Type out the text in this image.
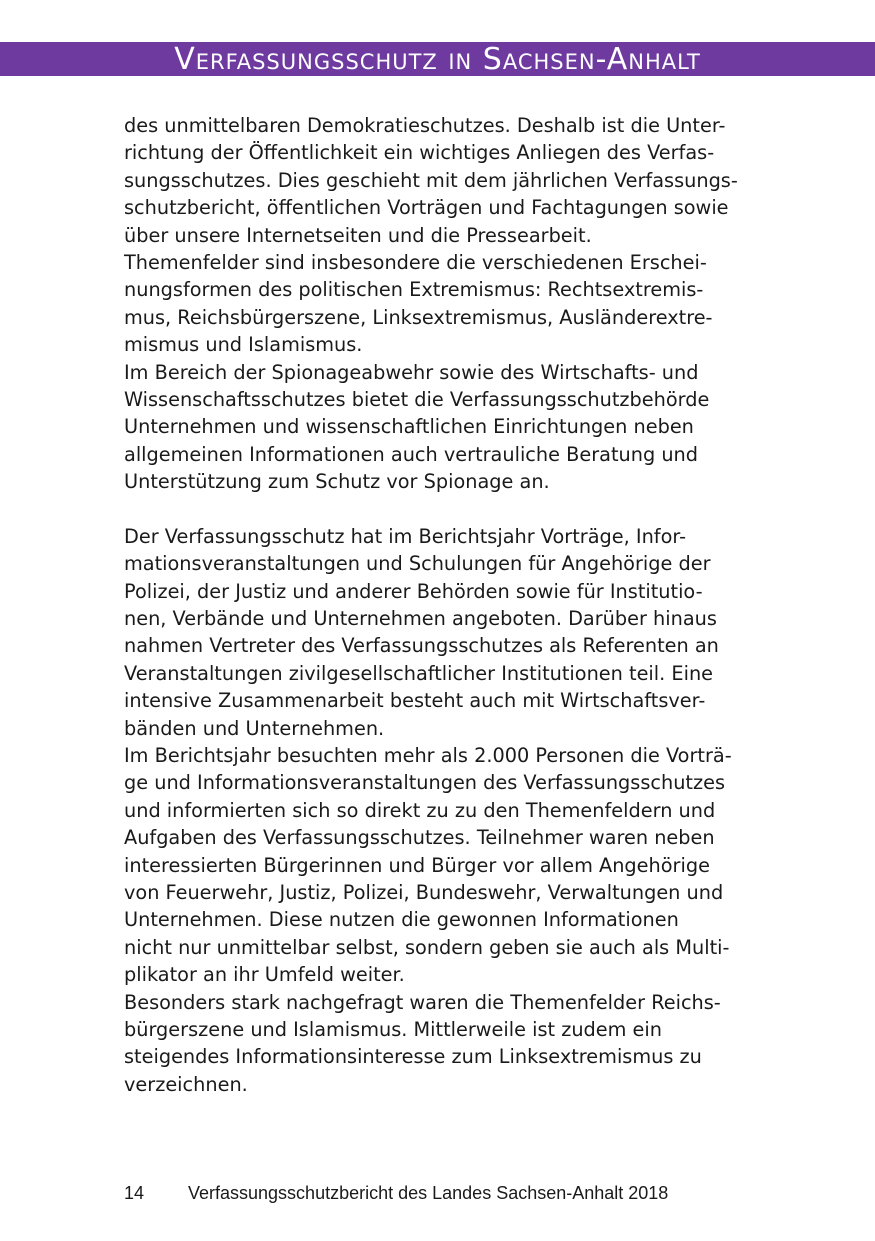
Verfassungsschutz in Sachsen-Anhalt
des unmittelbaren Demokratieschutzes. Deshalb ist die Unter-
richtung der Öffentlichkeit ein wichtiges Anliegen des Verfas-
sungsschutzes. Dies geschieht mit dem jährlichen Verfassungs-
schutzbericht, öffentlichen Vorträgen und Fachtagungen sowie
über unsere Internetseiten und die Pressearbeit.
Themenfelder sind insbesondere die verschiedenen Erschei-
nungsformen des politischen Extremismus: Rechtsextremis-
mus, Reichsbürgerszene, Linksextremismus, Ausländerextre-
mismus und Islamismus.
Im Bereich der Spionageabwehr sowie des Wirtschafts- und
Wissenschaftsschutzes bietet die Verfassungsschutzbehörde
Unternehmen und wissenschaftlichen Einrichtungen neben
allgemeinen Informationen auch vertrauliche Beratung und
Unterstützung zum Schutz vor Spionage an.
Der Verfassungsschutz hat im Berichtsjahr Vorträge, Infor-
mationsveranstaltungen und Schulungen für Angehörige der
Polizei, der Justiz und anderer Behörden sowie für Institutio-
nen, Verbände und Unternehmen angeboten. Darüber hinaus
nahmen Vertreter des Verfassungsschutzes als Referenten an
Veranstaltungen zivilgesellschaftlicher Institutionen teil. Eine
intensive Zusammenarbeit besteht auch mit Wirtschaftsver-
bänden und Unternehmen.
Im Berichtsjahr besuchten mehr als 2.000 Personen die Vorträ-
ge und Informationsveranstaltungen des Verfassungsschutzes
und informierten sich so direkt zu zu den Themenfeldern und
Aufgaben des Verfassungsschutzes. Teilnehmer waren neben
interessierten Bürgerinnen und Bürger vor allem Angehörige
von Feuerwehr, Justiz, Polizei, Bundeswehr, Verwaltungen und
Unternehmen. Diese nutzen die gewonnen Informationen
nicht nur unmittelbar selbst, sondern geben sie auch als Multi-
plikator an ihr Umfeld weiter.
Besonders stark nachgefragt waren die Themenfelder Reichs-
bürgerszene und Islamismus. Mittlerweile ist zudem ein
steigendes Informationsinteresse zum Linksextremismus zu
verzeichnen.
14 Verfassungsschutzbericht des Landes Sachsen-Anhalt 2018
